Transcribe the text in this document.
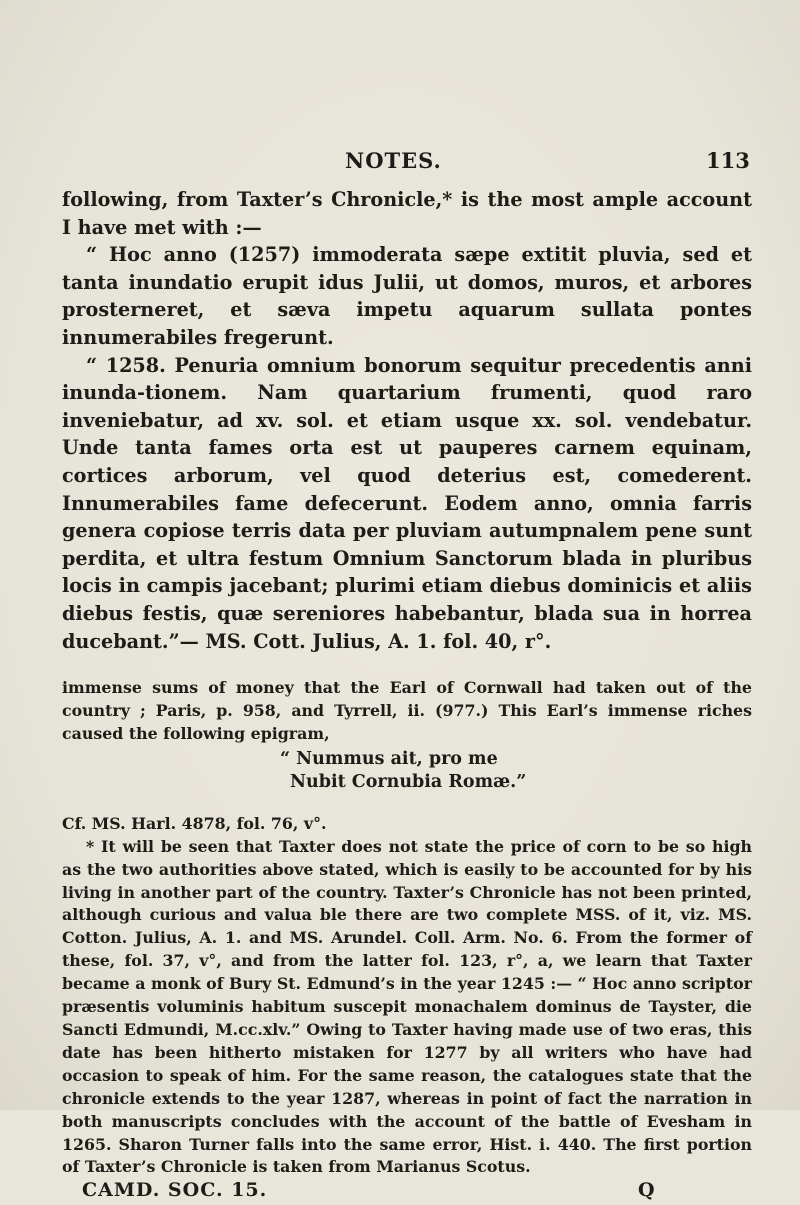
NOTES.	113

following, from Taxter’s Chronicle,* is the most ample account I have met with :—

“ Hoc anno (1257) immoderata sæpe extitit pluvia, sed et tanta inundatio erupit idus Julii, ut domos, muros, et arbores prosterneret, et sæva impetu aquarum sullata pontes innumerabiles fregerunt.

“ 1258. Penuria omnium bonorum sequitur precedentis anni inunda-tionem. Nam quartarium frumenti, quod raro inveniebatur, ad xv. sol. et etiam usque xx. sol. vendebatur. Unde tanta fames orta est ut pauperes carnem equinam, cortices arborum, vel quod deterius est, comederent. Innumerabiles fame defecerunt. Eodem anno, omnia farris genera copiose terris data per pluviam autumpnalem pene sunt perdita, et ultra festum Omnium Sanctorum blada in pluribus locis in campis jacebant; plurimi etiam diebus dominicis et aliis diebus festis, quæ sereniores habebantur, blada sua in horrea ducebant.”— MS. Cott. Julius, A. 1. fol. 40, r°.

immense sums of money that the Earl of Cornwall had taken out of the country ; Paris, p. 958, and Tyrrell, ii. (977.) This Earl’s immense riches caused the following epigram,

“ Nummus ait, pro me
Nubit Cornubia Romæ.”

Cf. MS. Harl. 4878, fol. 76, v°.

* It will be seen that Taxter does not state the price of corn to be so high as the two authorities above stated, which is easily to be accounted for by his living in another part of the country. Taxter’s Chronicle has not been printed, although curious and valua ble there are two complete MSS. of it, viz. MS. Cotton. Julius, A. 1. and MS. Arundel. Coll. Arm. No. 6. From the former of these, fol. 37, v°, and from the latter fol. 123, r°, a, we learn that Taxter became a monk of Bury St. Edmund’s in the year 1245 :— “ Hoc anno scriptor præsentis voluminis habitum suscepit monachalem dominus de Tayster, die Sancti Edmundi, M.cc.xlv.” Owing to Taxter having made use of two eras, this date has been hitherto mistaken for 1277 by all writers who have had occasion to speak of him. For the same reason, the catalogues state that the chronicle extends to the year 1287, whereas in point of fact the narration in both manuscripts concludes with the account of the battle of Evesham in 1265. Sharon Turner falls into the same error, Hist. i. 440. The first portion of Taxter’s Chronicle is taken from Marianus Scotus.

CAMD. SOC. 15.	Q
